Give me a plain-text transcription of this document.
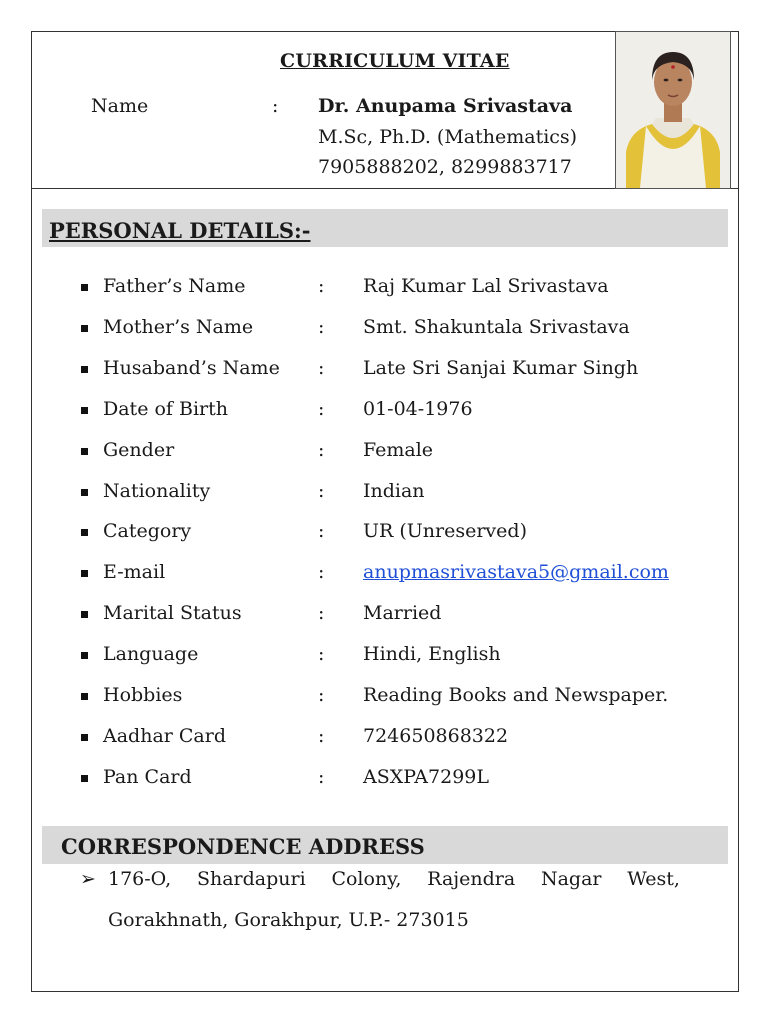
CURRICULUM VITAE
Name	: Dr. Anupama Srivastava
M.Sc, Ph.D. (Mathematics)
7905888202, 8299883717
PERSONAL DETAILS:-
Father’s Name	: Raj Kumar Lal Srivastava
Mother’s Name	: Smt. Shakuntala Srivastava
Husaband’s Name : Late Sri Sanjai Kumar Singh
Date of Birth	: 01-04-1976
Gender	: Female
Nationality	: Indian
Category	: UR (Unreserved)
E-mail	: anupmasrivastava5@gmail.com
Marital Status	: Married
Language	: Hindi, English
Hobbies	: Reading Books and Newspaper.
Aadhar Card	: 724650868322
Pan Card	: ASXPA7299L
CORRESPONDENCE ADDRESS
➢ 176-O, Shardapuri Colony, Rajendra Nagar West,
Gorakhnath, Gorakhpur, U.P.- 273015
